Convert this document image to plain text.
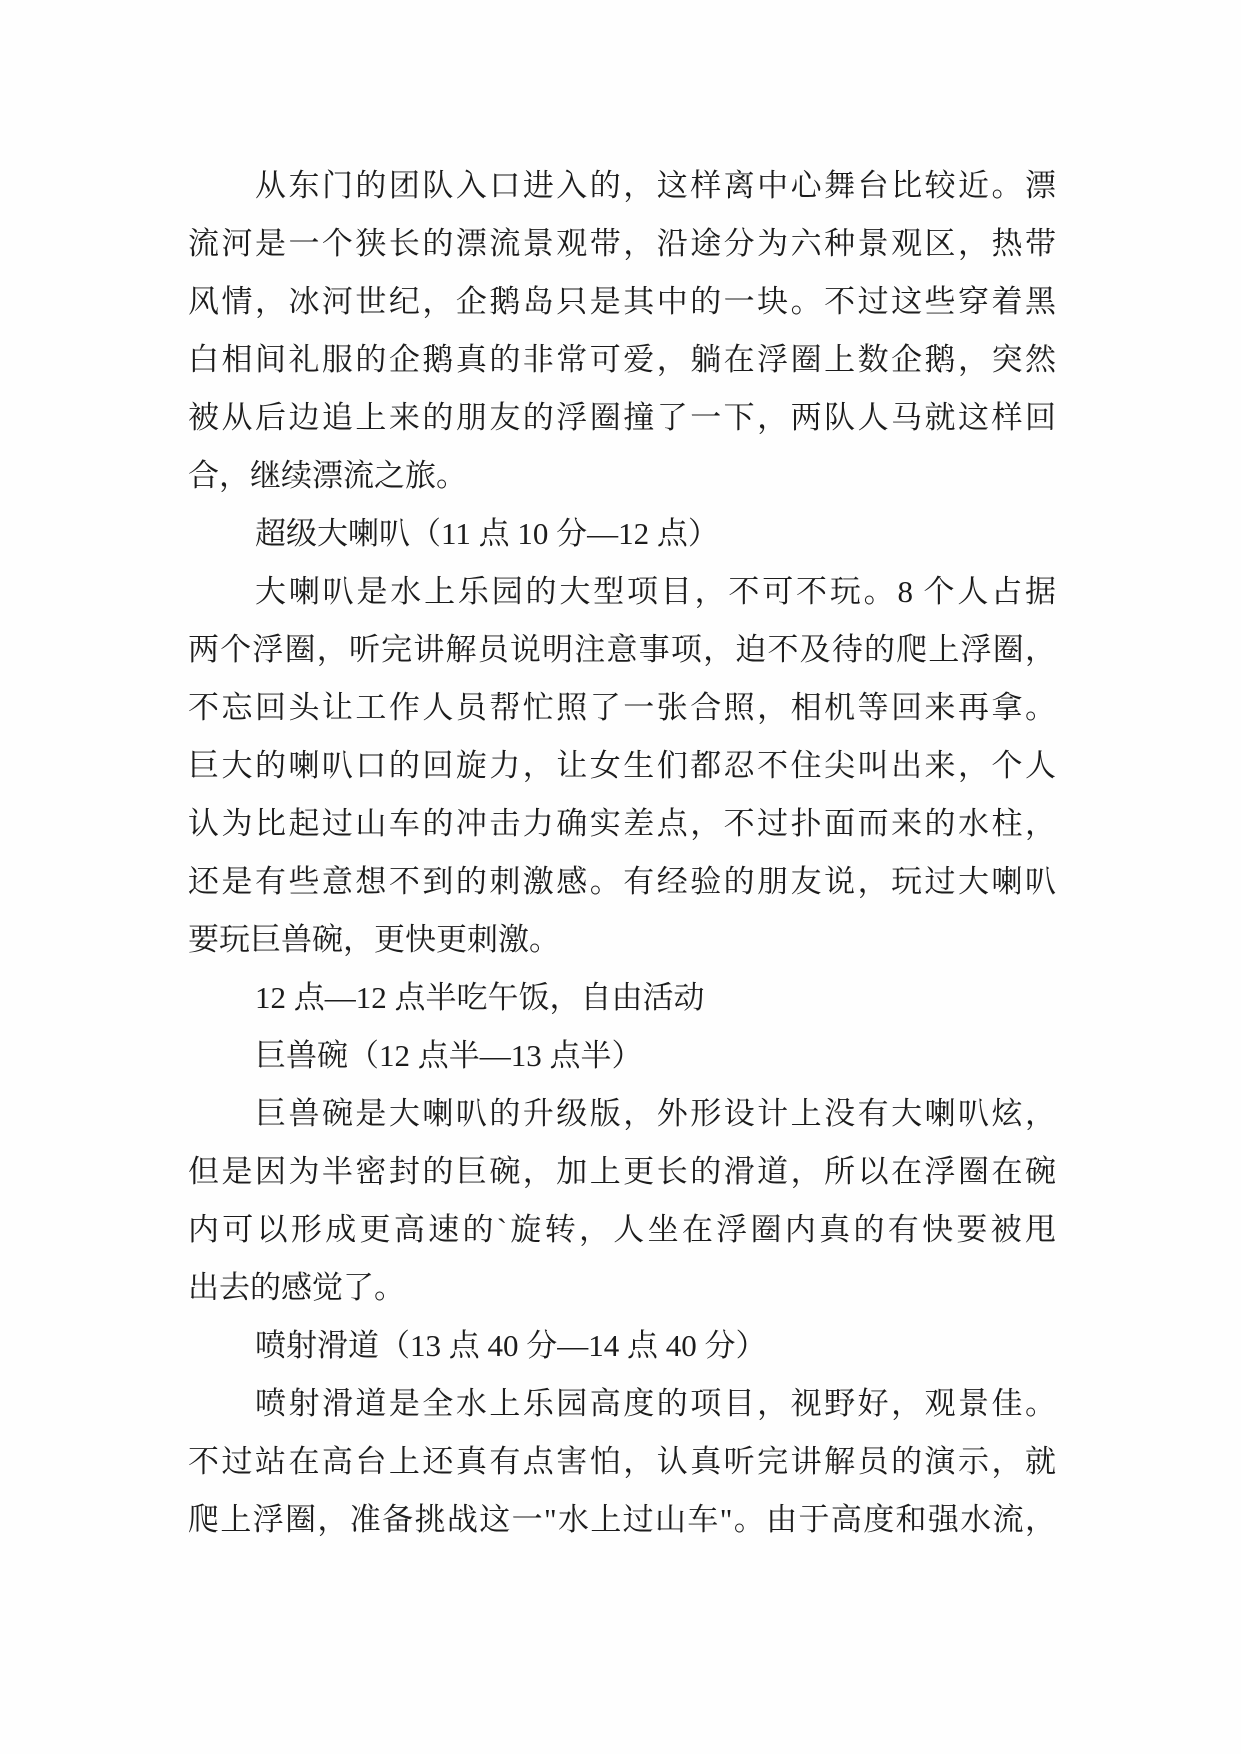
从东门的团队入口进入的，这样离中心舞台比较近。漂
流河是一个狭长的漂流景观带，沿途分为六种景观区，热带
风情，冰河世纪，企鹅岛只是其中的一块。不过这些穿着黑
白相间礼服的企鹅真的非常可爱，躺在浮圈上数企鹅，突然
被从后边追上来的朋友的浮圈撞了一下，两队人马就这样回
合，继续漂流之旅。
超级大喇叭（11 点 10 分—12 点）
大喇叭是水上乐园的大型项目，不可不玩。8 个人占据
两个浮圈，听完讲解员说明注意事项，迫不及待的爬上浮圈，
不忘回头让工作人员帮忙照了一张合照，相机等回来再拿。
巨大的喇叭口的回旋力，让女生们都忍不住尖叫出来，个人
认为比起过山车的冲击力确实差点，不过扑面而来的水柱，
还是有些意想不到的刺激感。有经验的朋友说，玩过大喇叭
要玩巨兽碗，更快更刺激。
12 点—12 点半吃午饭，自由活动
巨兽碗（12 点半—13 点半）
巨兽碗是大喇叭的升级版，外形设计上没有大喇叭炫，
但是因为半密封的巨碗，加上更长的滑道，所以在浮圈在碗
内可以形成更高速的`旋转，人坐在浮圈内真的有快要被甩
出去的感觉了。
喷射滑道（13 点 40 分—14 点 40 分）
喷射滑道是全水上乐园高度的项目，视野好，观景佳。
不过站在高台上还真有点害怕，认真听完讲解员的演示，就
爬上浮圈，准备挑战这一"水上过山车"。由于高度和强水流，
